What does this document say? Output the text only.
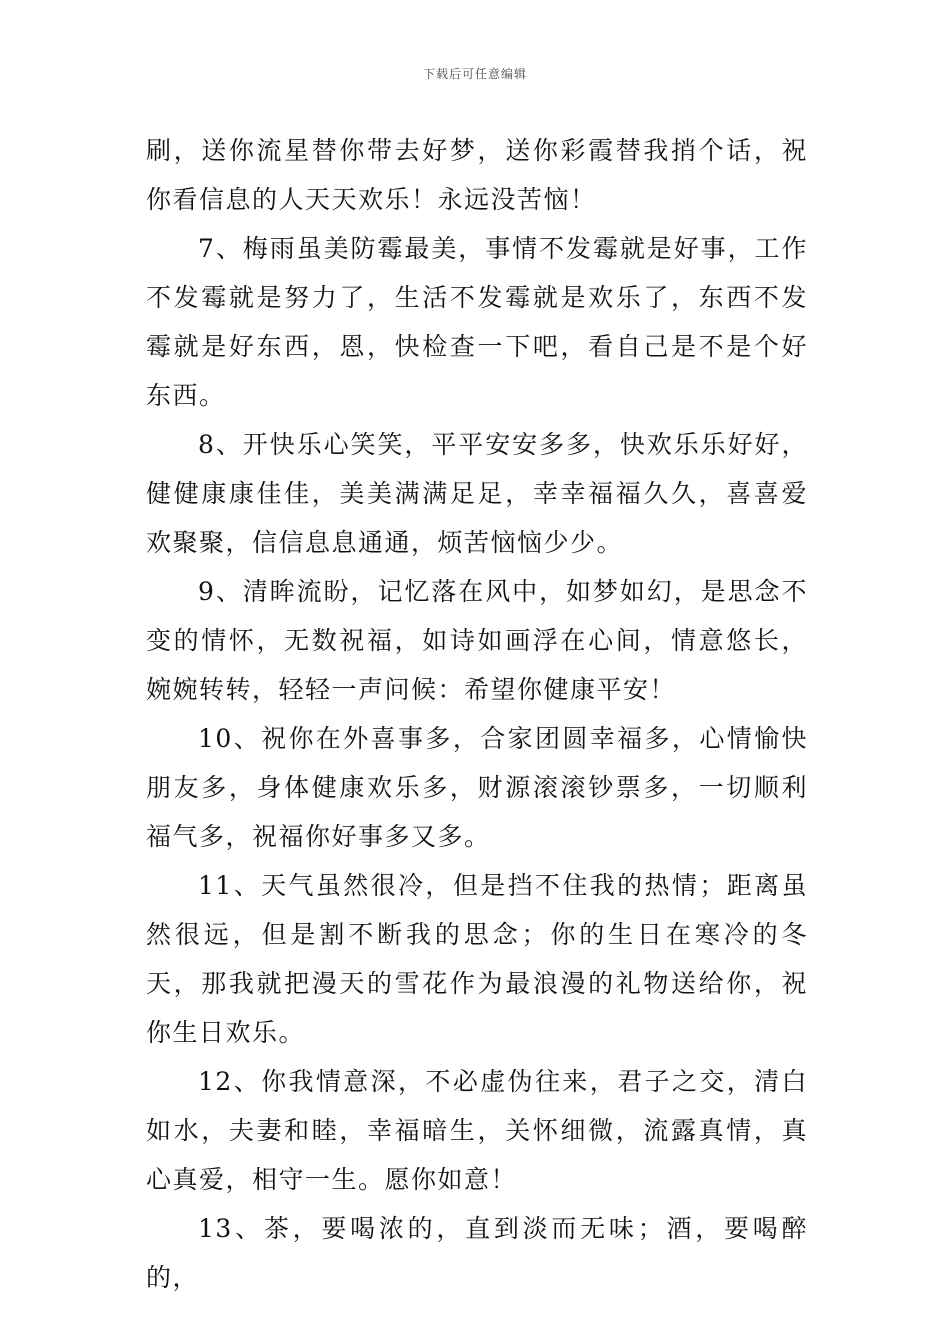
下载后可任意编辑

刷，送你流星替你带去好梦，送你彩霞替我捎个话，祝你看信息的人天天欢乐！永远没苦恼！

7、梅雨虽美防霉最美，事情不发霉就是好事，工作不发霉就是努力了，生活不发霉就是欢乐了，东西不发霉就是好东西，恩，快检查一下吧，看自己是不是个好东西。

8、开快乐心笑笑，平平安安多多，快欢乐乐好好，健健康康佳佳，美美满满足足，幸幸福福久久，喜喜爱欢聚聚，信信息息通通，烦苦恼恼少少。

9、清眸流盼，记忆落在风中，如梦如幻，是思念不变的情怀，无数祝福，如诗如画浮在心间，情意悠长，婉婉转转，轻轻一声问候：希望你健康平安！

10、祝你在外喜事多，合家团圆幸福多，心情愉快朋友多，身体健康欢乐多，财源滚滚钞票多，一切顺利福气多，祝福你好事多又多。

11、天气虽然很冷，但是挡不住我的热情；距离虽然很远，但是割不断我的思念；你的生日在寒冷的冬天，那我就把漫天的雪花作为最浪漫的礼物送给你，祝你生日欢乐。

12、你我情意深，不必虚伪往来，君子之交，清白如水，夫妻和睦，幸福暗生，关怀细微，流露真情，真心真爱，相守一生。愿你如意！

13、茶，要喝浓的，直到淡而无味；酒，要喝醉的，
